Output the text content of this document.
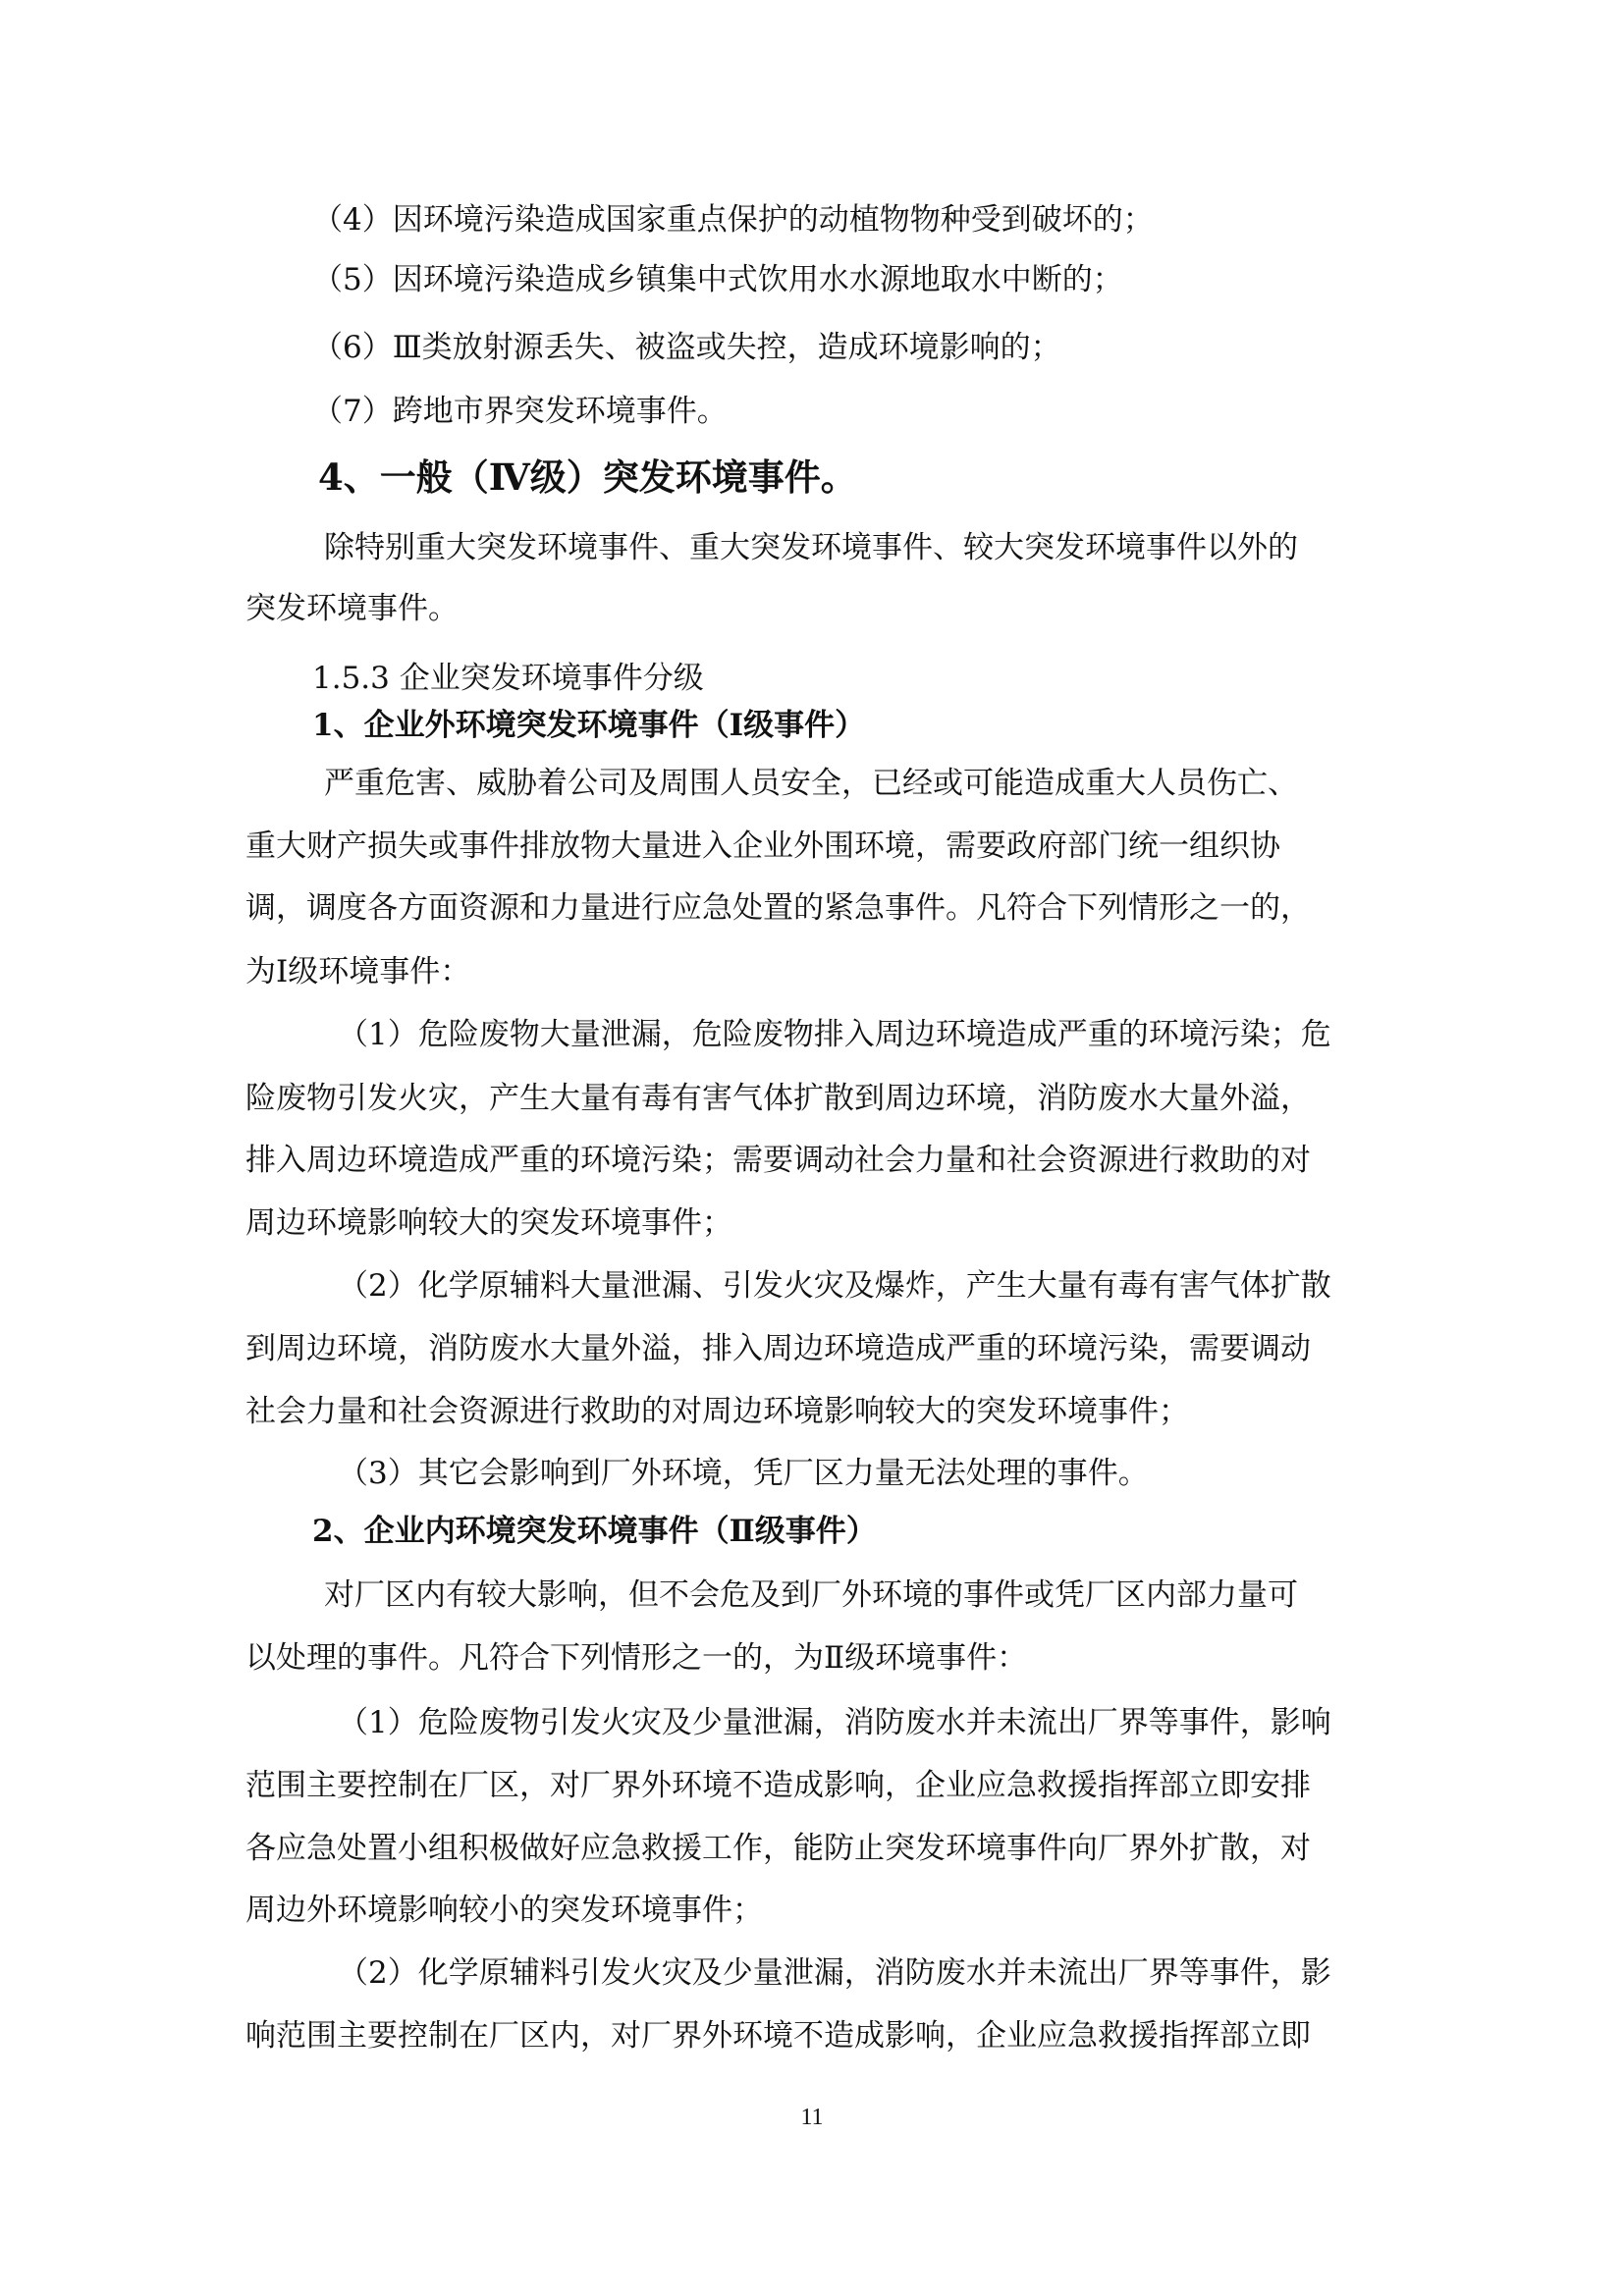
（4）因环境污染造成国家重点保护的动植物物种受到破坏的；
（5）因环境污染造成乡镇集中式饮用水水源地取水中断的；
（6）Ⅲ类放射源丢失、被盗或失控，造成环境影响的；
（7）跨地市界突发环境事件。
4、一般（Ⅳ级）突发环境事件。
除特别重大突发环境事件、重大突发环境事件、较大突发环境事件以外的
突发环境事件。
1.5.3 企业突发环境事件分级
1、企业外环境突发环境事件（Ⅰ级事件）
严重危害、威胁着公司及周围人员安全，已经或可能造成重大人员伤亡、
重大财产损失或事件排放物大量进入企业外围环境，需要政府部门统一组织协
调，调度各方面资源和力量进行应急处置的紧急事件。凡符合下列情形之一的，
为Ⅰ级环境事件：
（1）危险废物大量泄漏，危险废物排入周边环境造成严重的环境污染；危
险废物引发火灾，产生大量有毒有害气体扩散到周边环境，消防废水大量外溢，
排入周边环境造成严重的环境污染；需要调动社会力量和社会资源进行救助的对
周边环境影响较大的突发环境事件；
（2）化学原辅料大量泄漏、引发火灾及爆炸，产生大量有毒有害气体扩散
到周边环境，消防废水大量外溢，排入周边环境造成严重的环境污染，需要调动
社会力量和社会资源进行救助的对周边环境影响较大的突发环境事件；
（3）其它会影响到厂外环境，凭厂区力量无法处理的事件。
2、企业内环境突发环境事件（Ⅱ级事件）
对厂区内有较大影响，但不会危及到厂外环境的事件或凭厂区内部力量可
以处理的事件。凡符合下列情形之一的，为Ⅱ级环境事件：
（1）危险废物引发火灾及少量泄漏，消防废水并未流出厂界等事件，影响
范围主要控制在厂区，对厂界外环境不造成影响，企业应急救援指挥部立即安排
各应急处置小组积极做好应急救援工作，能防止突发环境事件向厂界外扩散，对
周边外环境影响较小的突发环境事件；
（2）化学原辅料引发火灾及少量泄漏，消防废水并未流出厂界等事件，影
响范围主要控制在厂区内，对厂界外环境不造成影响，企业应急救援指挥部立即
11
